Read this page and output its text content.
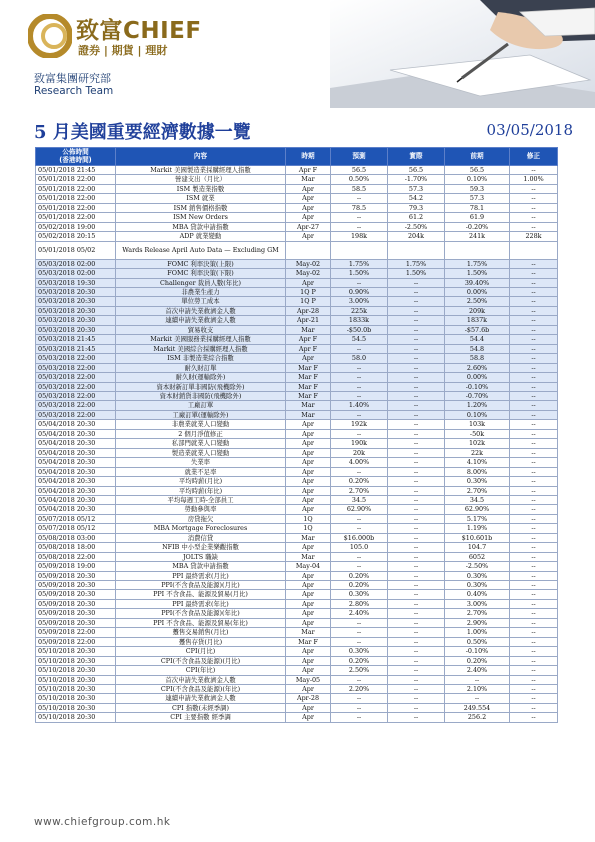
致富CHIEF
證券 | 期貨 | 理財
致富集團研究部
Research Team
5 月美國重要經濟數據一覽	03/05/2018
公佈時間
(香港時間)	內容	時期	預測	實際	前期	修正
05/01/2018 21:45	Markit 美國製造業採購經理人指數	Apr F	56.5	56.5	56.5	--
05/01/2018 22:00	營建支出（月比）	Mar	0.50%	-1.70%	0.10%	1.00%
05/01/2018 22:00	ISM 製造業指數	Apr	58.5	57.3	59.3	--
05/01/2018 22:00	ISM 就業	Apr	--	54.2	57.3	--
05/01/2018 22:00	ISM 銷售價格指數	Apr	78.5	79.3	78.1	--
05/01/2018 22:00	ISM New Orders	Apr	--	61.2	61.9	--
05/02/2018 19:00	MBA 貸款申請指數	Apr-27	--	-2.50%	-0.20%	--
05/02/2018 20:15	ADP 就業變動	Apr	198k	204k	241k	228k
05/01/2018 05/02	Wards Release April Auto Data — Excluding GM					
05/03/2018 02:00	FOMC 利率決策(上限)	May-02	1.75%	1.75%	1.75%	--
05/03/2018 02:00	FOMC 利率決策(下限)	May-02	1.50%	1.50%	1.50%	--
05/03/2018 19:30	Challenger 裁員人數(年比)	Apr	--	--	39.40%	--
05/03/2018 20:30	非農業生產力	1Q P	0.90%	--	0.00%	--
05/03/2018 20:30	單位勞工成本	1Q P	3.00%	--	2.50%	--
05/03/2018 20:30	首次申請失業救濟金人數	Apr-28	225k	--	209k	--
05/03/2018 20:30	連續申請失業救濟金人數	Apr-21	1833k	--	1837k	--
05/03/2018 20:30	貿易收支	Mar	-$50.0b	--	-$57.6b	--
05/03/2018 21:45	Markit 美國服務業採購經理人指數	Apr F	54.5	--	54.4	--
05/03/2018 21:45	Markit 美國綜合採購經理人指數	Apr F	--	--	54.8	--
05/03/2018 22:00	ISM 非製造業綜合指數	Apr	58.0	--	58.8	--
05/03/2018 22:00	耐久財訂單	Mar F	--	--	2.60%	--
05/03/2018 22:00	耐久財(運輸除外)	Mar F	--	--	0.00%	--
05/03/2018 22:00	資本財新訂單非國防(飛機除外)	Mar F	--	--	-0.10%	--
05/03/2018 22:00	資本財銷貨非國防(飛機除外)	Mar F	--	--	-0.70%	--
05/03/2018 22:00	工廠訂單	Mar	1.40%	--	1.20%	--
05/03/2018 22:00	工廠訂單(運輸除外)	Mar	--	--	0.10%	--
05/04/2018 20:30	非農業就業人口變動	Apr	192k	--	103k	--
05/04/2018 20:30	2 個月淨值修正	Apr	--	--	-50k	--
05/04/2018 20:30	私部門就業人口變動	Apr	190k	--	102k	--
05/04/2018 20:30	製造業就業人口變動	Apr	20k	--	22k	--
05/04/2018 20:30	失業率	Apr	4.00%	--	4.10%	--
05/04/2018 20:30	就業不足率	Apr	--	--	8.00%	--
05/04/2018 20:30	平均時薪(月比)	Apr	0.20%	--	0.30%	--
05/04/2018 20:30	平均時薪(年比)	Apr	2.70%	--	2.70%	--
05/04/2018 20:30	平均每週工時-全部員工	Apr	34.5	--	34.5	--
05/04/2018 20:30	勞動參與率	Apr	62.90%	--	62.90%	--
05/07/2018 05/12	房貸拖欠	1Q	--	--	5.17%	--
05/07/2018 05/12	MBA Mortgage Foreclosures	1Q	--	--	1.19%	--
05/08/2018 03:00	消費信貸	Mar	$16.000b	--	$10.601b	--
05/08/2018 18:00	NFIB 中小型企業樂觀指數	Apr	105.0	--	104.7	--
05/08/2018 22:00	JOLTS 職缺	Mar	--	--	6052	--
05/09/2018 19:00	MBA 貸款申請指數	May-04	--	--	-2.50%	--
05/09/2018 20:30	PPI 最終需求(月比)	Apr	0.20%	--	0.30%	--
05/09/2018 20:30	PPI(不含食品及能源)(月比)	Apr	0.20%	--	0.30%	--
05/09/2018 20:30	PPI 不含食品、能源及貿易(月比)	Apr	0.30%	--	0.40%	--
05/09/2018 20:30	PPI 最終需求(年比)	Apr	2.80%	--	3.00%	--
05/09/2018 20:30	PPI(不含食品及能源)(年比)	Apr	2.40%	--	2.70%	--
05/09/2018 20:30	PPI 不含食品、能源及貿易(年比)	Apr	--	--	2.90%	--
05/09/2018 22:00	躉售交易銷售(月比)	Mar	--	--	1.00%	--
05/09/2018 22:00	躉售存貨(月比)	Mar F	--	--	0.50%	--
05/10/2018 20:30	CPI(月比)	Apr	0.30%	--	-0.10%	--
05/10/2018 20:30	CPI(不含食品及能源)(月比)	Apr	0.20%	--	0.20%	--
05/10/2018 20:30	CPI(年比)	Apr	2.50%	--	2.40%	--
05/10/2018 20:30	首次申請失業救濟金人數	May-05	--	--	--	--
05/10/2018 20:30	CPI(不含食品及能源)(年比)	Apr	2.20%	--	2.10%	--
05/10/2018 20:30	連續申請失業救濟金人數	Apr-28	--	--	--	--
05/10/2018 20:30	CPI 指數(未經季調)	Apr	--	--	249.554	--
05/10/2018 20:30	CPI 主要指數 經季調	Apr	--	--	256.2	--
www.chiefgroup.com.hk
